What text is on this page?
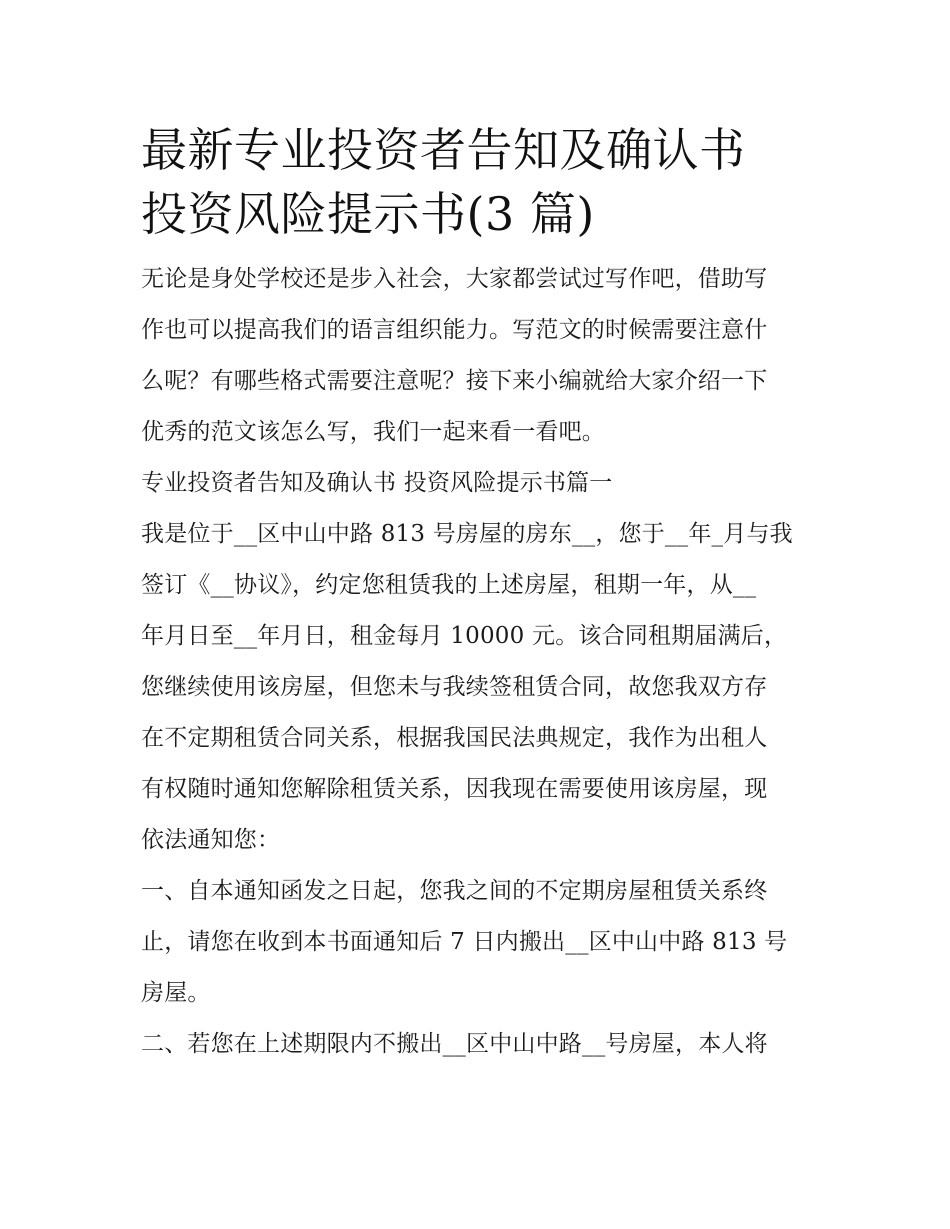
最新专业投资者告知及确认书
投资风险提示书(3 篇)

无论是身处学校还是步入社会，大家都尝试过写作吧，借助写
作也可以提高我们的语言组织能力。写范文的时候需要注意什
么呢？有哪些格式需要注意呢？接下来小编就给大家介绍一下
优秀的范文该怎么写，我们一起来看一看吧。

专业投资者告知及确认书 投资风险提示书篇一

我是位于__区中山中路 813 号房屋的房东__，您于__年_月与我
签订《__协议》，约定您租赁我的上述房屋，租期一年，从__
年月日至__年月日，租金每月 10000 元。该合同租期届满后，
您继续使用该房屋，但您未与我续签租赁合同，故您我双方存
在不定期租赁合同关系，根据我国民法典规定，我作为出租人
有权随时通知您解除租赁关系，因我现在需要使用该房屋，现
依法通知您：

一、自本通知函发之日起，您我之间的不定期房屋租赁关系终
止，请您在收到本书面通知后 7 日内搬出__区中山中路 813 号
房屋。

二、若您在上述期限内不搬出__区中山中路__号房屋，本人将
